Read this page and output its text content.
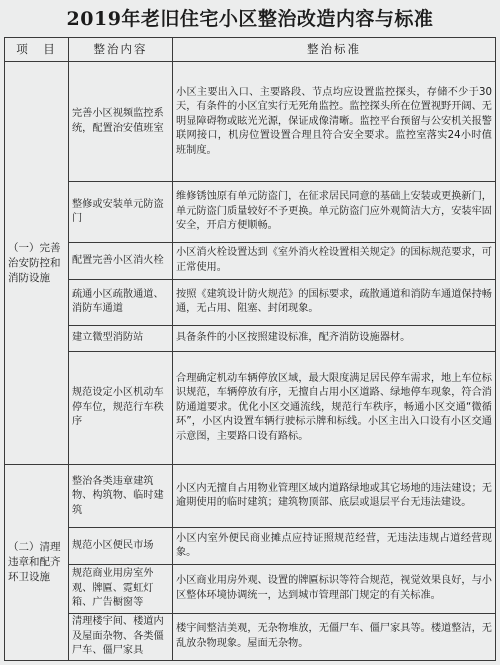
2019年老旧住宅小区整治改造内容与标准
项　目	整治内容	整治标准
（一）完善治安防控和消防设施	完善小区视频监控系统，配置治安值班室	小区主要出入口、主要路段、节点均应设置监控探头，存储不少于30天，有条件的小区宜实行无死角监控。监控探头所在位置视野开阔、无明显障碍物或眩光光源，保证成像清晰。监控平台预留与公安机关报警联网接口，机房位置设置合理且符合安全要求。监控室落实24小时值班制度。
	整修或安装单元防盗门	维修锈蚀原有单元防盗门，在征求居民同意的基础上安装或更换新门，单元防盗门质量较好不予更换。单元防盗门应外观简洁大方，安装牢固安全，开启方便顺畅。
	配置完善小区消火栓	小区消火栓设置达到《室外消火栓设置相关规定》的国标规范要求，可正常使用。
	疏通小区疏散通道、消防车通道	按照《建筑设计防火规范》的国标要求，疏散通道和消防车通道保持畅通，无占用、阻塞、封闭现象。
	建立微型消防站	具备条件的小区按照建设标准，配齐消防设施器材。
	规范设定小区机动车停车位，规范行车秩序	合理确定机动车辆停放区域，最大限度满足居民停车需求，地上车位标识规范，车辆停放有序，无擅自占用小区道路、绿地停车现象，符合消防通道要求。优化小区交通流线，规范行车秩序，畅通小区交通“微循环”，小区内设置车辆行驶标示牌和标线。小区主出入口设有小区交通示意图，主要路口设有路标。
（二）清理违章和配齐环卫设施	整治各类违章建筑物、构筑物、临时建筑	小区内无擅自占用物业管理区域内道路绿地或其它场地的违法建设；无逾期使用的临时建筑；建筑物顶部、底层或退层平台无违法建设。
	规范小区便民市场	小区内室外便民商业摊点应持证照规范经营，无违法违规占道经营现象。
	规范商业用房室外观、牌匾、霓虹灯箱、广告橱窗等	小区商业用房外观、设置的牌匾标识等符合规范，视觉效果良好，与小区整体环境协调统一，达到城市管理部门规定的有关标准。
	清理楼宇间、楼道内及屋面杂物、各类僵尸车、僵尸家具	楼宇间整洁美观，无杂物堆放，无僵尸车、僵尸家具等。楼道整洁，无乱放杂物现象。屋面无杂物。
